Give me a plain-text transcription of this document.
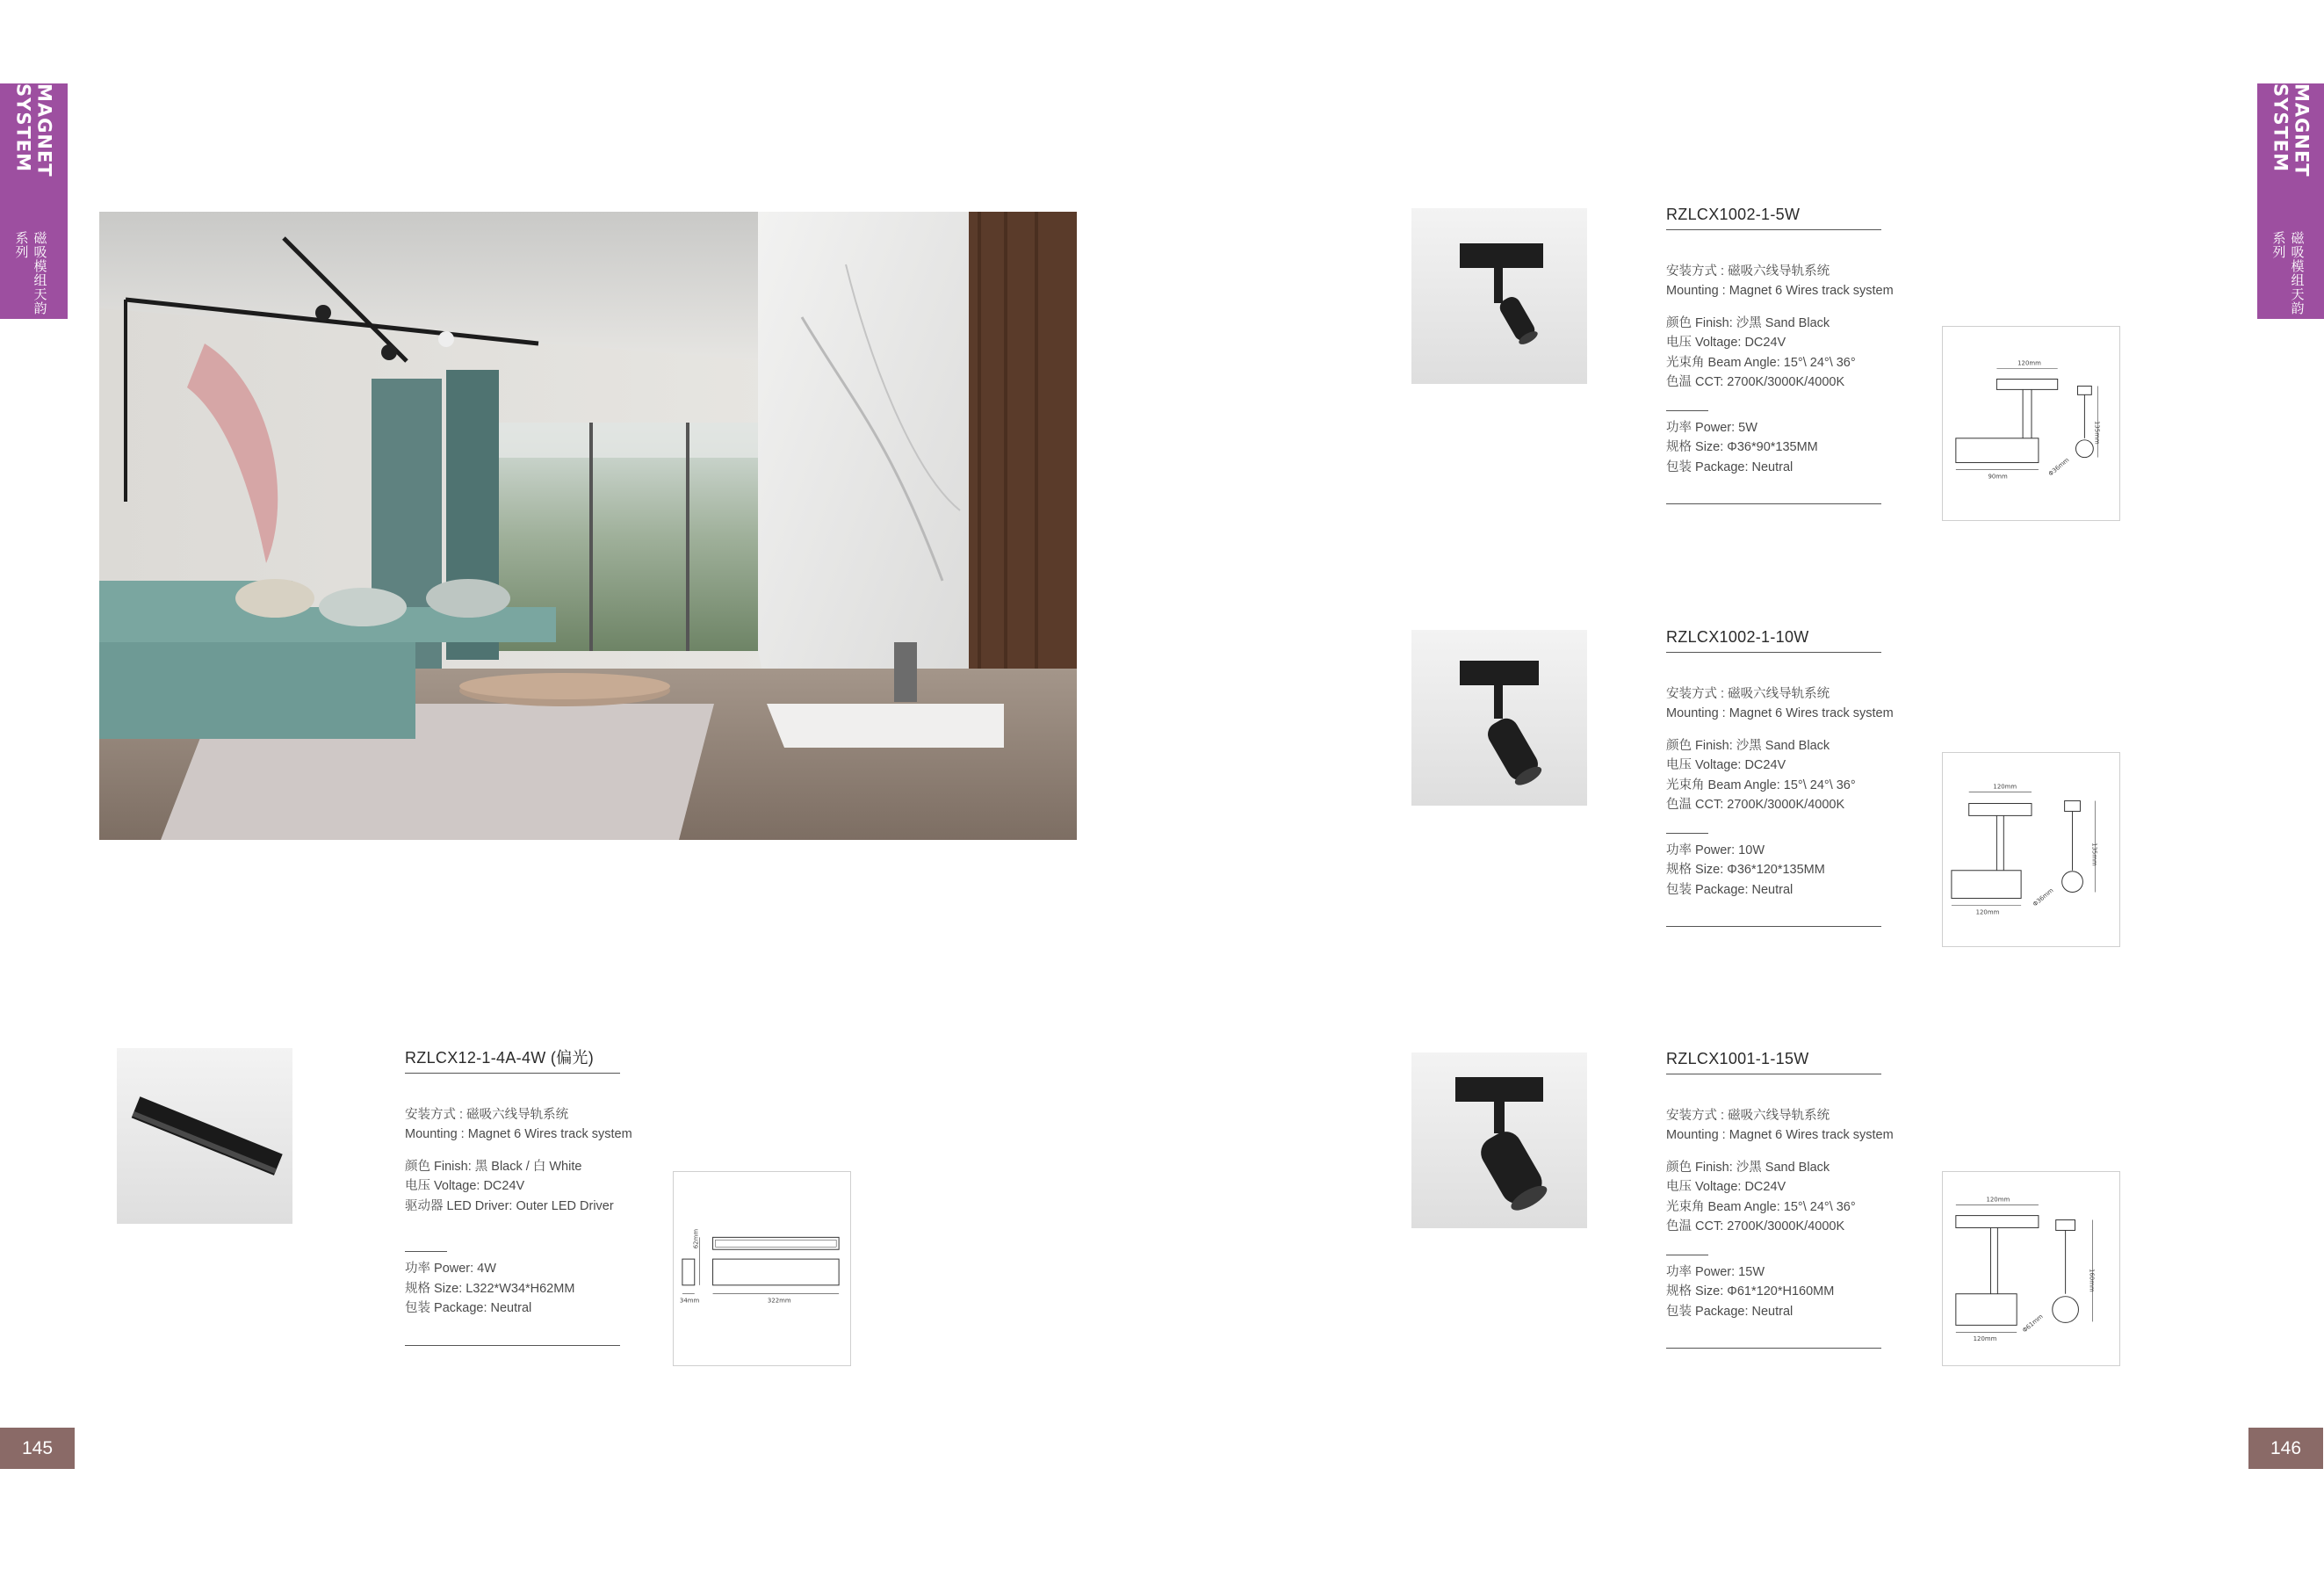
MAGNET SYSTEM
磁吸模组天韵系列
MAGNET SYSTEM
磁吸模组天韵系列
145	146
RZLCX1002-1-5W
安装方式 : 磁吸六线导轨系统
Mounting : Magnet 6 Wires track system
颜色 Finish: 沙黑 Sand Black
电压 Voltage: DC24V
光束角 Beam Angle: 15°\ 24°\ 36°
色温 CCT: 2700K/3000K/4000K
功率 Power: 5W
规格 Size: Φ36*90*135MM
包装 Package: Neutral
120mm
90mm
135mm
Φ36mm
RZLCX1002-1-10W
安装方式 : 磁吸六线导轨系统
Mounting : Magnet 6 Wires track system
颜色 Finish: 沙黑 Sand Black
电压 Voltage: DC24V
光束角 Beam Angle: 15°\ 24°\ 36°
色温 CCT: 2700K/3000K/4000K
功率 Power: 10W
规格 Size: Φ36*120*135MM
包装 Package: Neutral
120mm
120mm
135mm
Φ36mm
RZLCX1001-1-15W
安装方式 : 磁吸六线导轨系统
Mounting : Magnet 6 Wires track system
颜色 Finish: 沙黑 Sand Black
电压 Voltage: DC24V
光束角 Beam Angle: 15°\ 24°\ 36°
色温 CCT: 2700K/3000K/4000K
功率 Power: 15W
规格 Size: Φ61*120*H160MM
包装 Package: Neutral
120mm
120mm
160mm
Φ61mm
RZLCX12-1-4A-4W (偏光)
安装方式 : 磁吸六线导轨系统
Mounting : Magnet 6 Wires track system
颜色 Finish: 黑 Black / 白 White
电压 Voltage: DC24V
驱动器 LED Driver: Outer LED Driver
功率 Power: 4W
规格 Size: L322*W34*H62MM
包装 Package: Neutral
62mm
34mm	322mm
